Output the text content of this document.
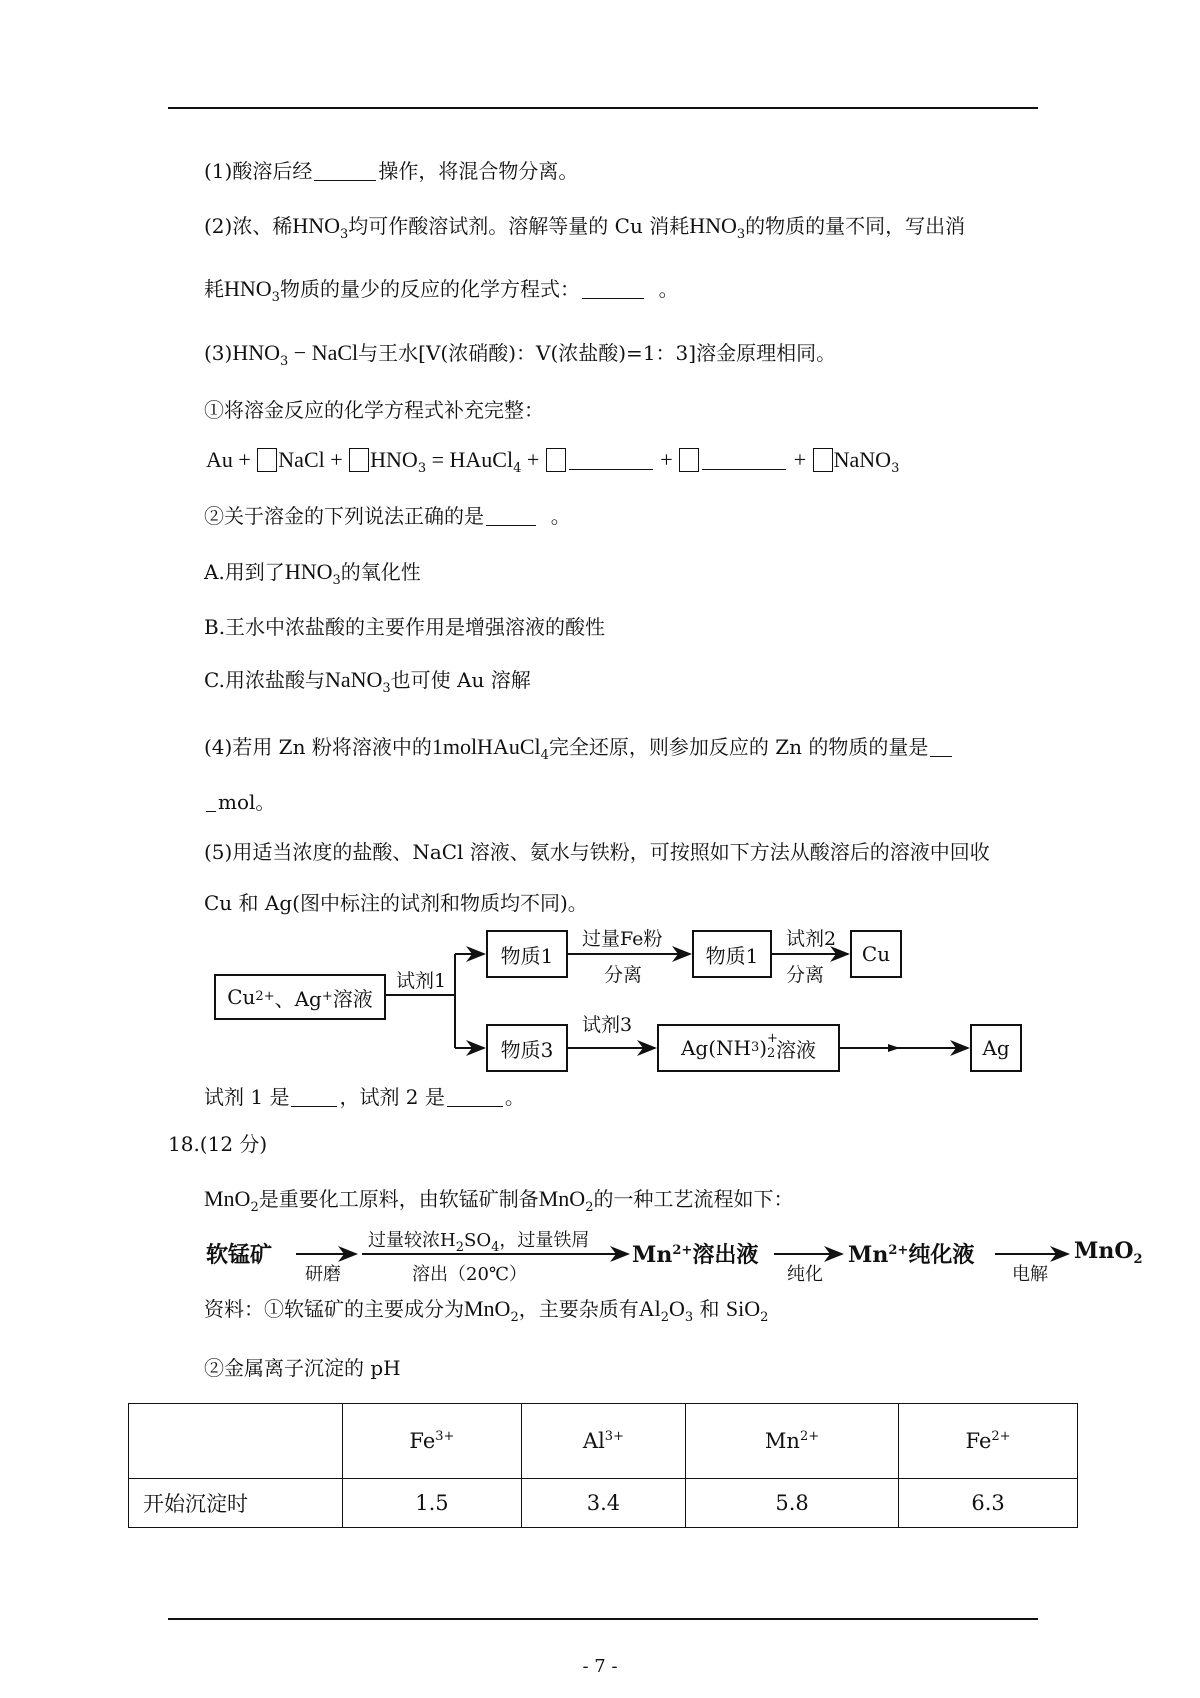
(1)酸溶后经	操作，将混合物分离。
(2)浓、稀$HNO_3$均可作酸溶试剂。溶解等量的 Cu 消耗$HNO_3$的物质的量不同，写出消
耗$HNO_3$物质的量少的反应的化学方程式：	。
$(3)HNO_3$ − NaCl与王水[V(浓硝酸)：V(浓盐酸)=1：3]溶金原理相同。
①将溶金反应的化学方程式补充完整：
Au + NaCl + $HNO_3$ = HAuCl$_4$ +	+	+ NaNO$_3$
②关于溶金的下列说法正确的是	。
A.用到了$HNO_3$的氧化性
B.王水中浓盐酸的主要作用是增强溶液的酸性
C.用浓盐酸与NaNO$_3$也可使 Au 溶解
(4)若用 Zn 粉将溶液中的1molHAuCl$_4$完全还原，则参加反应的 Zn 的物质的量是
mol。
(5)用适当浓度的盐酸、NaCl 溶液、氨水与铁粉，可按照如下方法从酸溶后的溶液中回收
Cu 和 Ag(图中标注的试剂和物质均不同)。
Cu 2+ 、Ag + 溶液
试剂1
物质1
过量Fe粉
分离
物质1
试剂2
分离
Cu
物质3
试剂3
Ag(NH 3 ) +
2 溶液	Ag
试剂 1 是	，试剂 2 是	。
18.(12 分)
MnO$_2$是重要化工原料，由软锰矿制备MnO$_2$的一种工艺流程如下：
软锰矿
研磨
过量较浓$H_2SO_4$，过量铁屑
溶出（20℃）
$Mn^{2+}$溶出液
纯化
$Mn^{2+}$纯化液
电解
MnO$_2$
资料：①软锰矿的主要成分为MnO$_2$，主要杂质有$Al_2O_3$ 和 SiO$_2$
②金属离子沉淀的 pH
	$Fe^{3+}$	$Al^{3+}$	$Mn^{2+}$	$Fe^{2+}$
开始沉淀时	1.5	3.4	5.8	6.3
- 7 -
